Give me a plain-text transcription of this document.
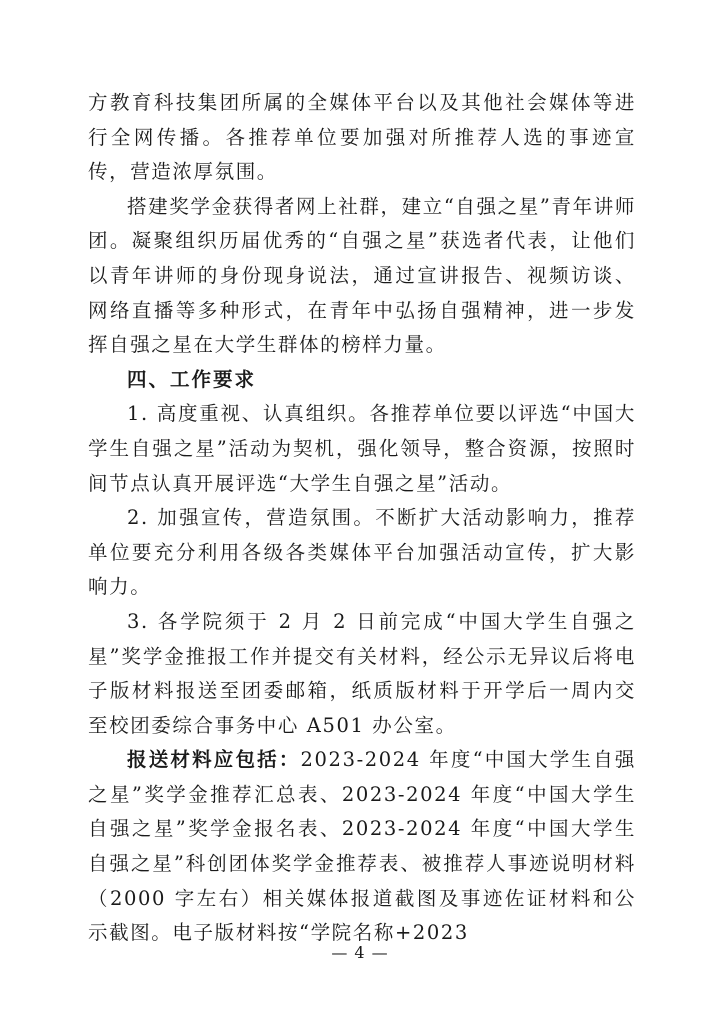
方教育科技集团所属的全媒体平台以及其他社会媒体等进行全网传播。各推荐单位要加强对所推荐人选的事迹宣传，营造浓厚氛围。

搭建奖学金获得者网上社群，建立“自强之星”青年讲师团。凝聚组织历届优秀的“自强之星”获选者代表，让他们以青年讲师的身份现身说法，通过宣讲报告、视频访谈、网络直播等多种形式，在青年中弘扬自强精神，进一步发挥自强之星在大学生群体的榜样力量。

四、工作要求

1. 高度重视、认真组织。各推荐单位要以评选“中国大学生自强之星”活动为契机，强化领导，整合资源，按照时间节点认真开展评选“大学生自强之星”活动。

2. 加强宣传，营造氛围。不断扩大活动影响力，推荐单位要充分利用各级各类媒体平台加强活动宣传，扩大影响力。

3. 各学院须于 2 月 2 日前完成“中国大学生自强之星”奖学金推报工作并提交有关材料，经公示无异议后将电子版材料报送至团委邮箱，纸质版材料于开学后一周内交至校团委综合事务中心 A501 办公室。

报送材料应包括：2023-2024 年度“中国大学生自强之星”奖学金推荐汇总表、2023-2024 年度“中国大学生自强之星”奖学金报名表、2023-2024 年度“中国大学生自强之星”科创团体奖学金推荐表、被推荐人事迹说明材料（2000 字左右）相关媒体报道截图及事迹佐证材料和公示截图。电子版材料按“学院名称+2023

— 4 —
